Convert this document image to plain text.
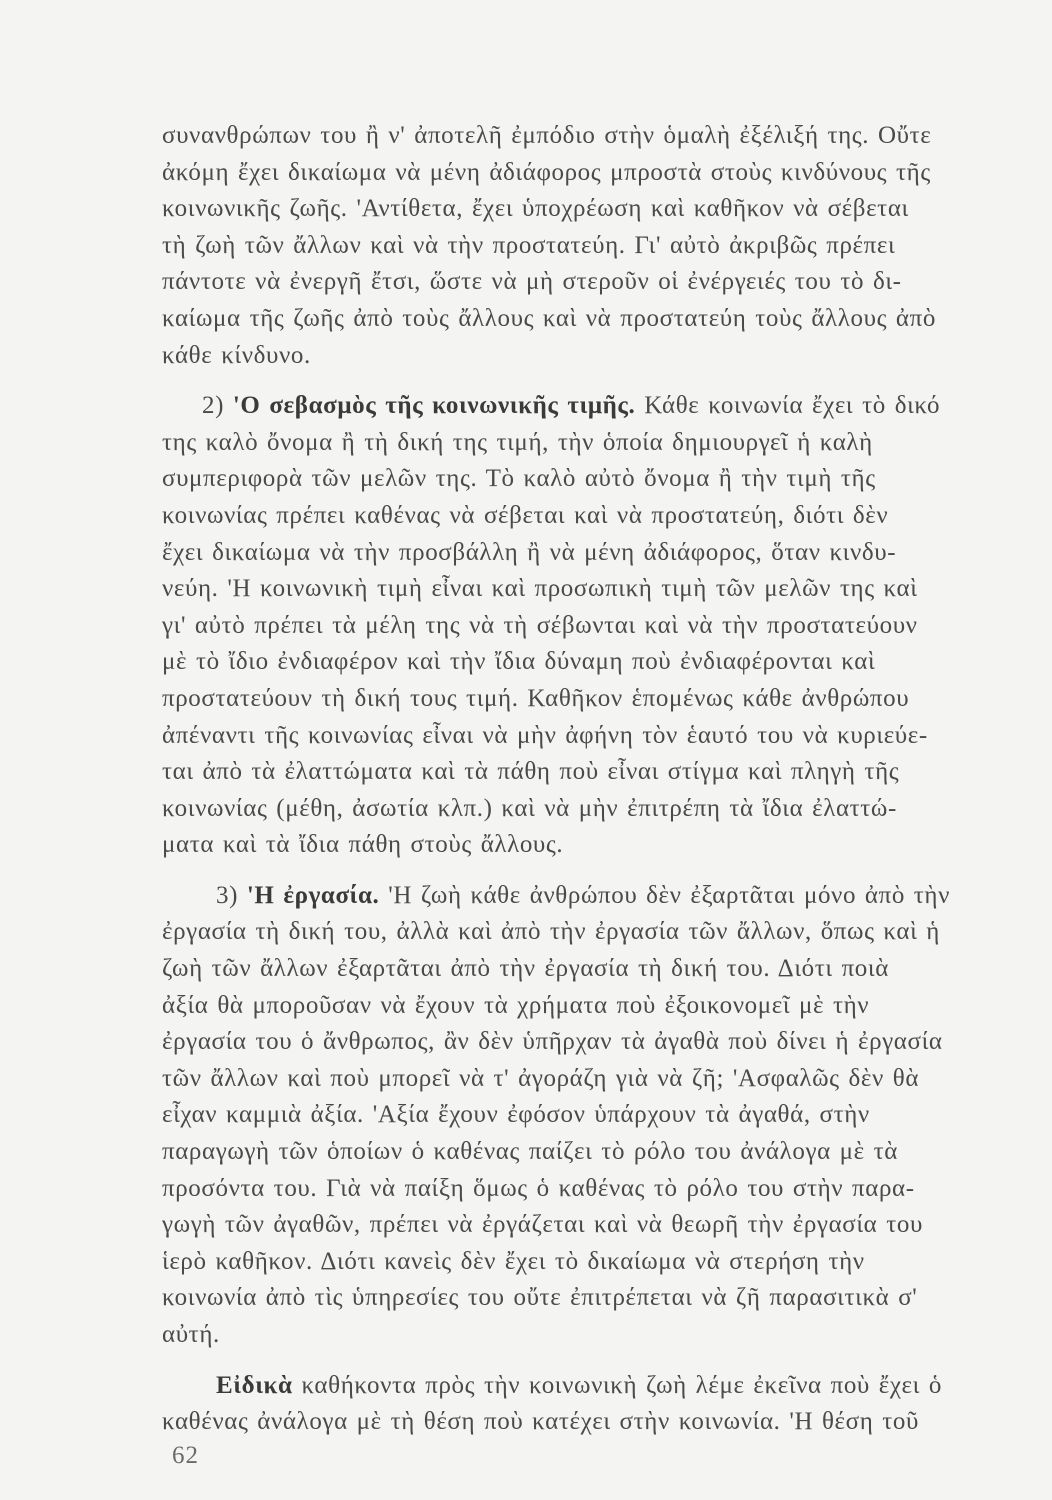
συνανθρώπων του ἢ ν' ἀποτελῆ ἐμπόδιο στὴν ὁμαλὴ ἐξέλιξή της. Οὔτε
ἀκόμη ἔχει δικαίωμα νὰ μένη ἀδιάφορος μπροστὰ στοὺς κινδύνους τῆς
κοινωνικῆς ζωῆς. 'Αντίθετα, ἔχει ὑποχρέωση καὶ καθῆκον νὰ σέβεται
τὴ ζωὴ τῶν ἄλλων καὶ νὰ τὴν προστατεύη. Γι' αὐτὸ ἀκριβῶς πρέπει
πάντοτε νὰ ἐνεργῆ ἔτσι, ὥστε νὰ μὴ στεροῦν οἱ ἐνέργειές του τὸ δι-
καίωμα τῆς ζωῆς ἀπὸ τοὺς ἄλλους καὶ νὰ προστατεύη τοὺς ἄλλους ἀπὸ
κάθε κίνδυνο.
2) 'Ο σεβασμὸς τῆς κοινωνικῆς τιμῆς. Κάθε κοινωνία ἔχει τὸ δικό
της καλὸ ὄνομα ἢ τὴ δική της τιμή, τὴν ὁποία δημιουργεῖ ἡ καλὴ
συμπεριφορὰ τῶν μελῶν της. Τὸ καλὸ αὐτὸ ὄνομα ἢ τὴν τιμὴ τῆς
κοινωνίας πρέπει καθένας νὰ σέβεται καὶ νὰ προστατεύη, διότι δὲν
ἔχει δικαίωμα νὰ τὴν προσβάλλη ἢ νὰ μένη ἀδιάφορος, ὅταν κινδυ-
νεύη. 'Η κοινωνικὴ τιμὴ εἶναι καὶ προσωπικὴ τιμὴ τῶν μελῶν της καὶ
γι' αὐτὸ πρέπει τὰ μέλη της νὰ τὴ σέβωνται καὶ νὰ τὴν προστατεύουν
μὲ τὸ ἴδιο ἐνδιαφέρον καὶ τὴν ἴδια δύναμη ποὺ ἐνδιαφέρονται καὶ
προστατεύουν τὴ δική τους τιμή. Καθῆκον ἑπομένως κάθε ἀνθρώπου
ἀπέναντι τῆς κοινωνίας εἶναι νὰ μὴν ἀφήνη τὸν ἑαυτό του νὰ κυριεύε-
ται ἀπὸ τὰ ἐλαττώματα καὶ τὰ πάθη ποὺ εἶναι στίγμα καὶ πληγὴ τῆς
κοινωνίας (μέθη, ἀσωτία κλπ.) καὶ νὰ μὴν ἐπιτρέπη τὰ ἴδια ἐλαττώ-
ματα καὶ τὰ ἴδια πάθη στοὺς ἄλλους.
3) 'Η ἐργασία. 'Η ζωὴ κάθε ἀνθρώπου δὲν ἐξαρτᾶται μόνο ἀπὸ τὴν
ἐργασία τὴ δική του, ἀλλὰ καὶ ἀπὸ τὴν ἐργασία τῶν ἄλλων, ὅπως καὶ ἡ
ζωὴ τῶν ἄλλων ἐξαρτᾶται ἀπὸ τὴν ἐργασία τὴ δική του. Διότι ποιὰ
ἀξία θὰ μποροῦσαν νὰ ἔχουν τὰ χρήματα ποὺ ἐξοικονομεῖ μὲ τὴν
ἐργασία του ὁ ἄνθρωπος, ἂν δὲν ὑπῆρχαν τὰ ἀγαθὰ ποὺ δίνει ἡ ἐργασία
τῶν ἄλλων καὶ ποὺ μπορεῖ νὰ τ' ἀγοράζη γιὰ νὰ ζῆ; 'Ασφαλῶς δὲν θὰ
εἶχαν καμμιὰ ἀξία. 'Αξία ἔχουν ἐφόσον ὑπάρχουν τὰ ἀγαθά, στὴν
παραγωγὴ τῶν ὁποίων ὁ καθένας παίζει τὸ ρόλο του ἀνάλογα μὲ τὰ
προσόντα του. Γιὰ νὰ παίξη ὅμως ὁ καθένας τὸ ρόλο του στὴν παρα-
γωγὴ τῶν ἀγαθῶν, πρέπει νὰ ἐργάζεται καὶ νὰ θεωρῆ τὴν ἐργασία του
ἱερὸ καθῆκον. Διότι κανεὶς δὲν ἔχει τὸ δικαίωμα νὰ στερήση τὴν
κοινωνία ἀπὸ τὶς ὑπηρεσίες του οὔτε ἐπιτρέπεται νὰ ζῆ παρασιτικὰ σ'
αὐτή.
Εἰδικὰ καθήκοντα πρὸς τὴν κοινωνικὴ ζωὴ λέμε ἐκεῖνα ποὺ ἔχει ὁ
καθένας ἀνάλογα μὲ τὴ θέση ποὺ κατέχει στὴν κοινωνία. 'Η θέση τοῦ
62
